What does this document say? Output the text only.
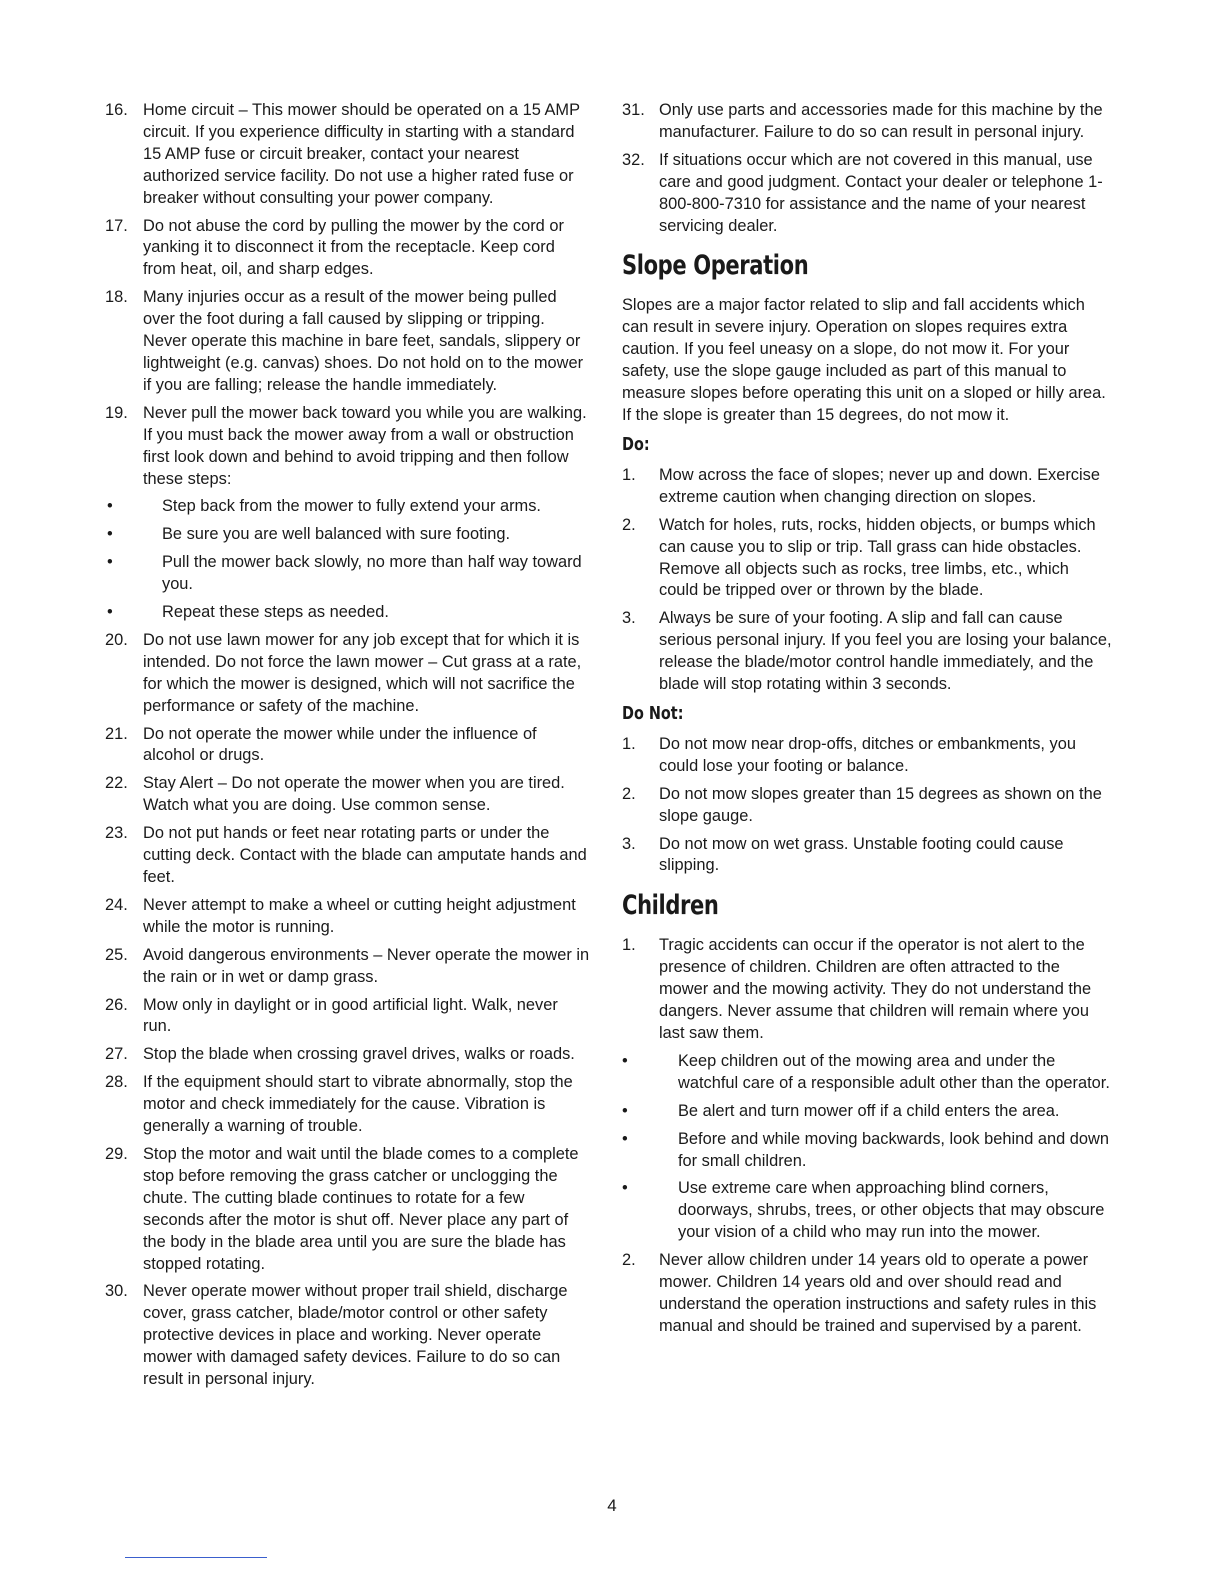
16. Home circuit – This mower should be operated on a 15 AMP circuit. If you experience difficulty in starting with a standard 15 AMP fuse or circuit breaker, contact your nearest authorized service facility. Do not use a higher rated fuse or breaker without consulting your power company.
17. Do not abuse the cord by pulling the mower by the cord or yanking it to disconnect it from the receptacle. Keep cord from heat, oil, and sharp edges.
18. Many injuries occur as a result of the mower being pulled over the foot during a fall caused by slipping or tripping. Never operate this machine in bare feet, sandals, slippery or lightweight (e.g. canvas) shoes. Do not hold on to the mower if you are falling; release the handle immediately.
19. Never pull the mower back toward you while you are walking. If you must back the mower away from a wall or obstruction first look down and behind to avoid tripping and then follow these steps:
•	Step back from the mower to fully extend your arms.
•	Be sure you are well balanced with sure footing.
•	Pull the mower back slowly, no more than half way toward you.
•	Repeat these steps as needed.
20. Do not use lawn mower for any job except that for which it is intended. Do not force the lawn mower – Cut grass at a rate, for which the mower is designed, which will not sacrifice the performance or safety of the machine.
21. Do not operate the mower while under the influence of alcohol or drugs.
22. Stay Alert – Do not operate the mower when you are tired. Watch what you are doing. Use common sense.
23. Do not put hands or feet near rotating parts or under the cutting deck. Contact with the blade can amputate hands and feet.
24. Never attempt to make a wheel or cutting height adjustment while the motor is running.
25. Avoid dangerous environments – Never operate the mower in the rain or in wet or damp grass.
26. Mow only in daylight or in good artificial light. Walk, never run.
27. Stop the blade when crossing gravel drives, walks or roads.
28. If the equipment should start to vibrate abnormally, stop the motor and check immediately for the cause. Vibration is generally a warning of trouble.
29. Stop the motor and wait until the blade comes to a complete stop before removing the grass catcher or unclogging the chute. The cutting blade continues to rotate for a few seconds after the motor is shut off. Never place any part of the body in the blade area until you are sure the blade has stopped rotating.
30. Never operate mower without proper trail shield, discharge cover, grass catcher, blade/motor control or other safety protective devices in place and working. Never operate mower with damaged safety devices. Failure to do so can result in personal injury.
31. Only use parts and accessories made for this machine by the manufacturer. Failure to do so can result in personal injury.
32. If situations occur which are not covered in this manual, use care and good judgment. Contact your dealer or telephone 1-800-800-7310 for assistance and the name of your nearest servicing dealer.
Slope Operation
Slopes are a major factor related to slip and fall accidents which can result in severe injury. Operation on slopes requires extra caution. If you feel uneasy on a slope, do not mow it. For your safety, use the slope gauge included as part of this manual to measure slopes before operating this unit on a sloped or hilly area. If the slope is greater than 15 degrees, do not mow it.
Do:
1. Mow across the face of slopes; never up and down. Exercise extreme caution when changing direction on slopes.
2. Watch for holes, ruts, rocks, hidden objects, or bumps which can cause you to slip or trip. Tall grass can hide obstacles. Remove all objects such as rocks, tree limbs, etc., which could be tripped over or thrown by the blade.
3. Always be sure of your footing. A slip and fall can cause serious personal injury. If you feel you are losing your balance, release the blade/motor control handle immediately, and the blade will stop rotating within 3 seconds.
Do Not:
1. Do not mow near drop-offs, ditches or embankments, you could lose your footing or balance.
2. Do not mow slopes greater than 15 degrees as shown on the slope gauge.
3. Do not mow on wet grass. Unstable footing could cause slipping.
Children
1. Tragic accidents can occur if the operator is not alert to the presence of children. Children are often attracted to the mower and the mowing activity. They do not understand the dangers. Never assume that children will remain where you last saw them.
•	Keep children out of the mowing area and under the watchful care of a responsible adult other than the operator.
•	Be alert and turn mower off if a child enters the area.
•	Before and while moving backwards, look behind and down for small children.
•	Use extreme care when approaching blind corners, doorways, shrubs, trees, or other objects that may obscure your vision of a child who may run into the mower.
2. Never allow children under 14 years old to operate a power mower. Children 14 years old and over should read and understand the operation instructions and safety rules in this manual and should be trained and supervised by a parent.
4
